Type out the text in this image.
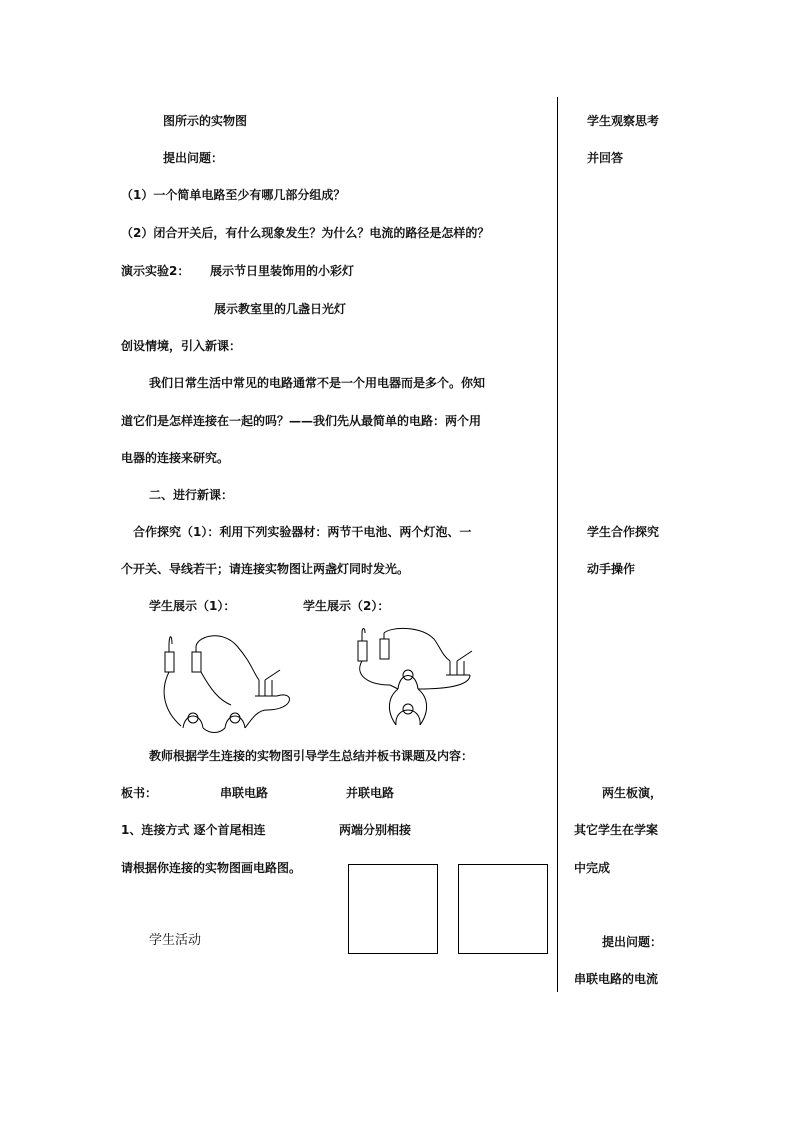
图所示的实物图
提出问题：
（1）一个简单电路至少有哪几部分组成？
（2）闭合开关后，有什么现象发生？为什么？电流的路径是怎样的？
演示实验2： 展示节日里装饰用的小彩灯
展示教室里的几盏日光灯
创设情境，引入新课：
我们日常生活中常见的电路通常不是一个用电器而是多个。你知
道它们是怎样连接在一起的吗？——我们先从最简单的电路：两个用
电器的连接来研究。
二、进行新课：
合作探究（1）：利用下列实验器材：两节干电池、两个灯泡、一
个开关、导线若干；请连接实物图让两盏灯同时发光。
学生展示（1）：	学生展示（2）：
教师根据学生连接的实物图引导学生总结并板书课题及内容：
板书：	串联电路	并联电路
1、连接方式 逐个首尾相连	两端分别相接
请根据你连接的实物图画电路图。
学生活动
学生观察思考
并回答
学生合作探究
动手操作
两生板演，
其它学生在学案
中完成
提出问题：
串联电路的电流
